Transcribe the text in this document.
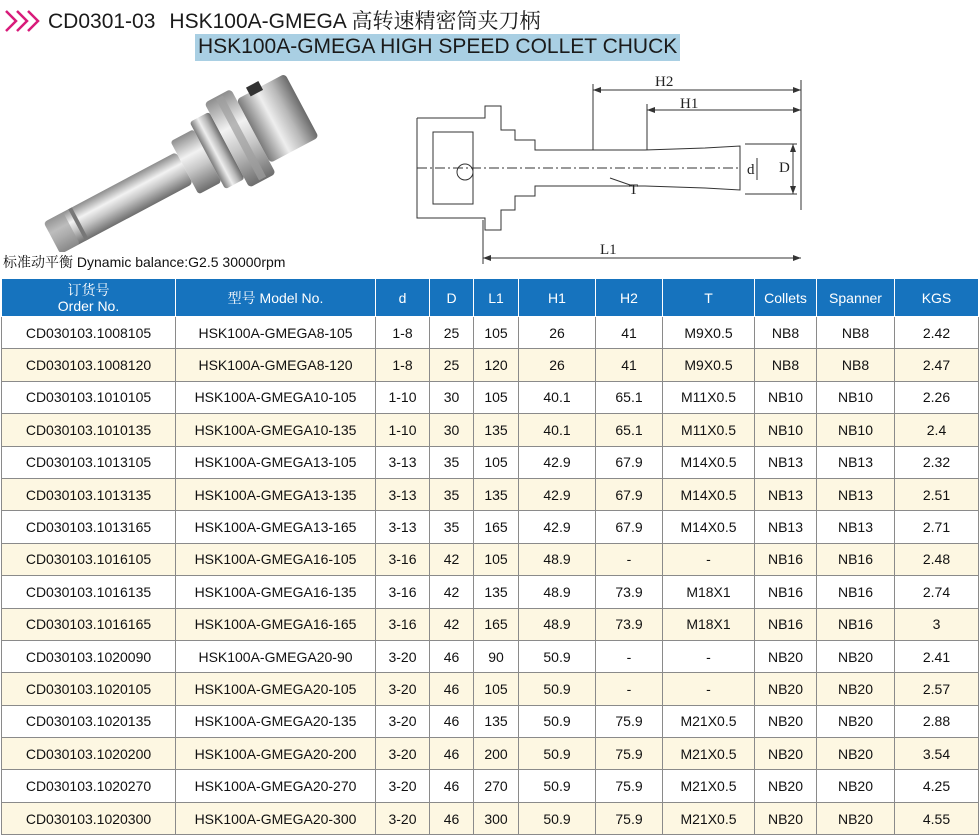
CD0301-03 HSK100A-GMEGA 高转速精密筒夹刀柄
HSK100A-GMEGA HIGH SPEED COLLET CHUCK
H2
H1
T
d D
L1
标准动平衡 Dynamic balance:G2.5 30000rpm
订货号
Order No.	型号 Model No.	d	D	L1	H1	H2	T	Collets	Spanner	KGS
CD030103.1008105	HSK100A-GMEGA8-105	1-8	25	105	26	41	M9X0.5	NB8	NB8	2.42
CD030103.1008120	HSK100A-GMEGA8-120	1-8	25	120	26	41	M9X0.5	NB8	NB8	2.47
CD030103.1010105	HSK100A-GMEGA10-105	1-10	30	105	40.1	65.1	M11X0.5	NB10	NB10	2.26
CD030103.1010135	HSK100A-GMEGA10-135	1-10	30	135	40.1	65.1	M11X0.5	NB10	NB10	2.4
CD030103.1013105	HSK100A-GMEGA13-105	3-13	35	105	42.9	67.9	M14X0.5	NB13	NB13	2.32
CD030103.1013135	HSK100A-GMEGA13-135	3-13	35	135	42.9	67.9	M14X0.5	NB13	NB13	2.51
CD030103.1013165	HSK100A-GMEGA13-165	3-13	35	165	42.9	67.9	M14X0.5	NB13	NB13	2.71
CD030103.1016105	HSK100A-GMEGA16-105	3-16	42	105	48.9	-	-	NB16	NB16	2.48
CD030103.1016135	HSK100A-GMEGA16-135	3-16	42	135	48.9	73.9	M18X1	NB16	NB16	2.74
CD030103.1016165	HSK100A-GMEGA16-165	3-16	42	165	48.9	73.9	M18X1	NB16	NB16	3
CD030103.1020090	HSK100A-GMEGA20-90	3-20	46	90	50.9	-	-	NB20	NB20	2.41
CD030103.1020105	HSK100A-GMEGA20-105	3-20	46	105	50.9	-	-	NB20	NB20	2.57
CD030103.1020135	HSK100A-GMEGA20-135	3-20	46	135	50.9	75.9	M21X0.5	NB20	NB20	2.88
CD030103.1020200	HSK100A-GMEGA20-200	3-20	46	200	50.9	75.9	M21X0.5	NB20	NB20	3.54
CD030103.1020270	HSK100A-GMEGA20-270	3-20	46	270	50.9	75.9	M21X0.5	NB20	NB20	4.25
CD030103.1020300	HSK100A-GMEGA20-300	3-20	46	300	50.9	75.9	M21X0.5	NB20	NB20	4.55
